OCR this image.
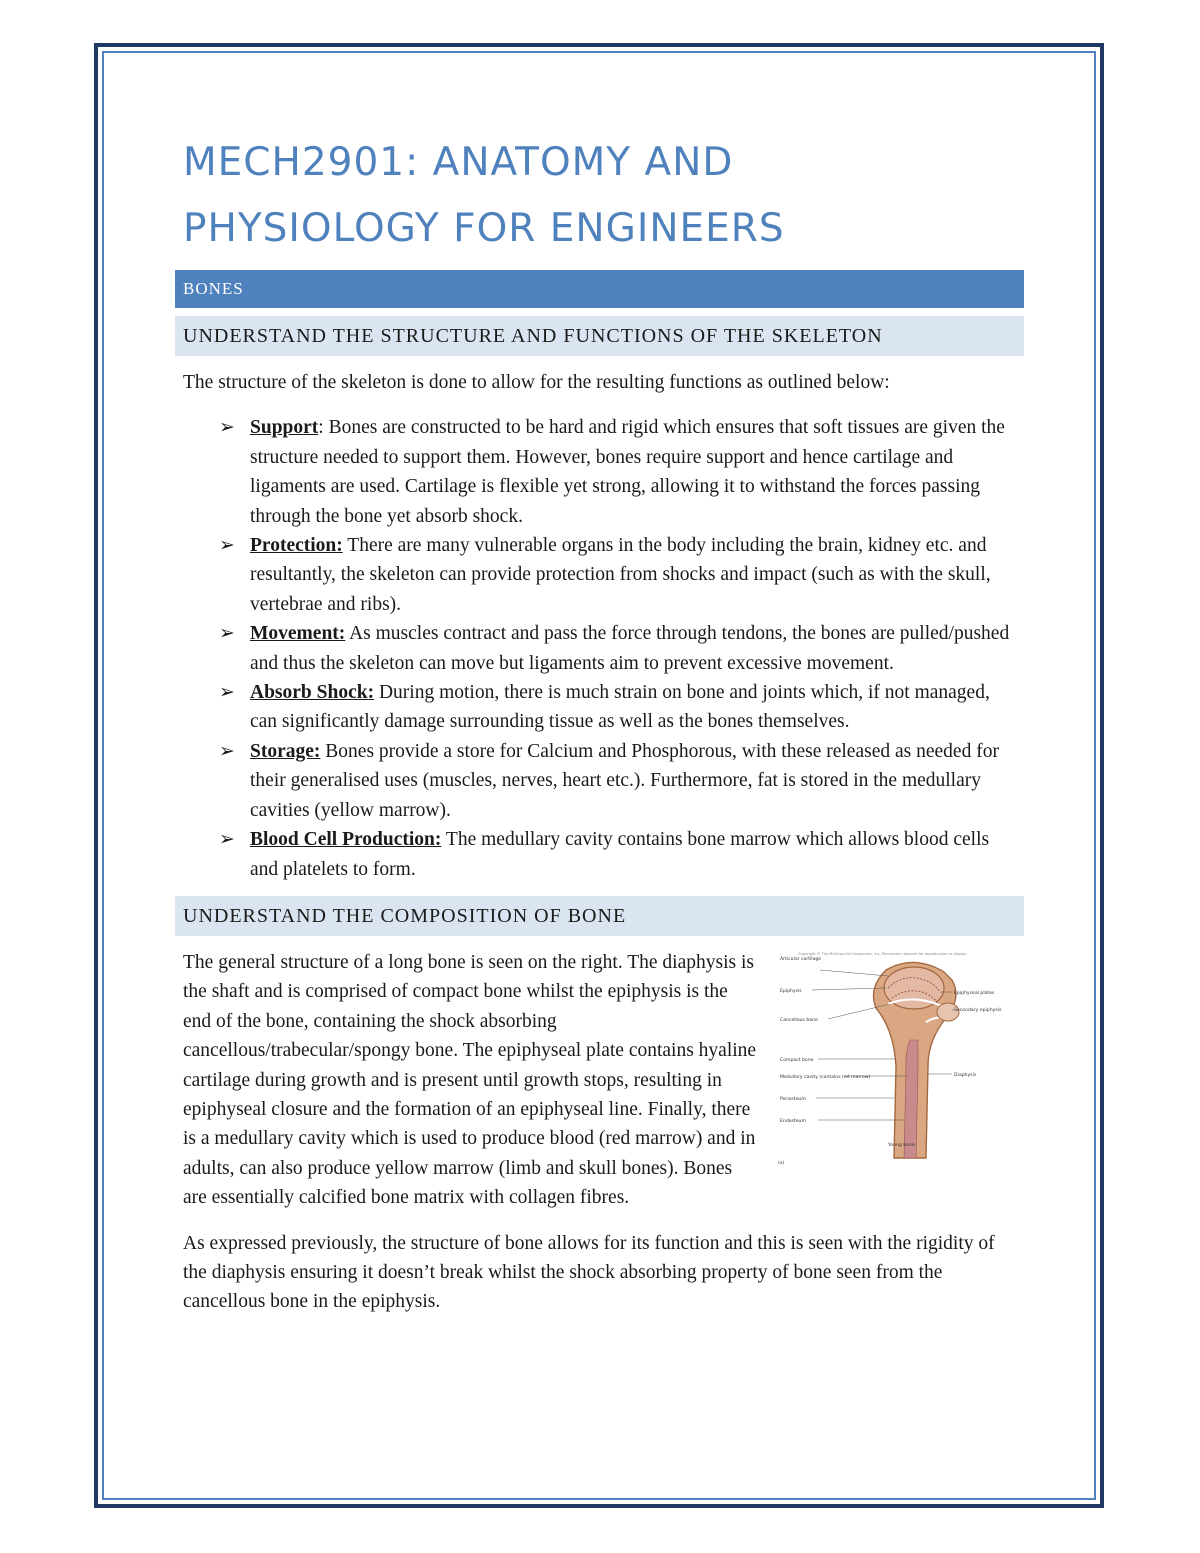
MECH2901: ANATOMY AND
PHYSIOLOGY FOR ENGINEERS
BONES
UNDERSTAND THE STRUCTURE AND FUNCTIONS OF THE SKELETON

The structure of the skeleton is done to allow for the resulting functions as outlined below:

➢ Support: Bones are constructed to be hard and rigid which ensures that soft tissues are given the structure needed to support them. However, bones require support and hence cartilage and ligaments are used. Cartilage is flexible yet strong, allowing it to withstand the forces passing through the bone yet absorb shock.
➢ Protection: There are many vulnerable organs in the body including the brain, kidney etc. and resultantly, the skeleton can provide protection from shocks and impact (such as with the skull, vertebrae and ribs).
➢ Movement: As muscles contract and pass the force through tendons, the bones are pulled/pushed and thus the skeleton can move but ligaments aim to prevent excessive movement.
➢ Absorb Shock: During motion, there is much strain on bone and joints which, if not managed, can significantly damage surrounding tissue as well as the bones themselves.
➢ Storage: Bones provide a store for Calcium and Phosphorous, with these released as needed for their generalised uses (muscles, nerves, heart etc.). Furthermore, fat is stored in the medullary cavities (yellow marrow).
➢ Blood Cell Production: The medullary cavity contains bone marrow which allows blood cells and platelets to form.
UNDERSTAND THE COMPOSITION OF BONE
Copyright © The McGraw-Hill Companies, Inc. Permission required for reproduction or display.
Articular cartilage
Epiphysis
Cancellous bone
Compact bone
Medullary cavity (contains red marrow)
Periosteum
Endosteum
Epiphyseal plates
Secondary epiphysis
Diaphysis
Young bone
(a)

The general structure of a long bone is seen on the right. The diaphysis is the shaft and is comprised of compact bone whilst the epiphysis is the end of the bone, containing the shock absorbing cancellous/trabecular/spongy bone. The epiphyseal plate contains hyaline cartilage during growth and is present until growth stops, resulting in epiphyseal closure and the formation of an epiphyseal line. Finally, there is a medullary cavity which is used to produce blood (red marrow) and in adults, can also produce yellow marrow (limb and skull bones). Bones are essentially calcified bone matrix with collagen fibres.

As expressed previously, the structure of bone allows for its function and this is seen with the rigidity of the diaphysis ensuring it doesn’t break whilst the shock absorbing property of bone seen from the cancellous bone in the epiphysis.
